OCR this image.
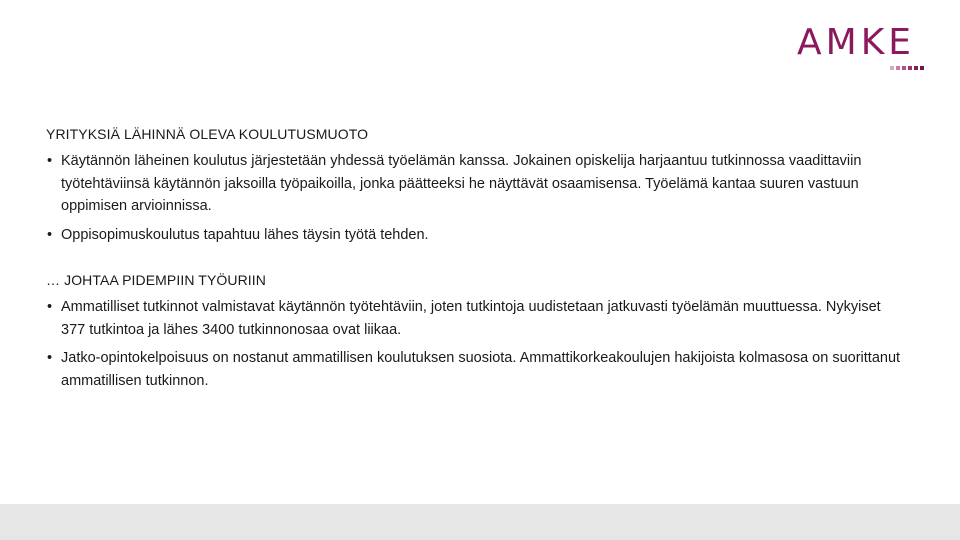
AMKE
YRITYKSIÄ LÄHINNÄ OLEVA KOULUTUSMUOTO
• Käytännön läheinen koulutus järjestetään yhdessä työelämän kanssa. Jokainen opiskelija harjaantuu tutkinnossa vaadittaviin työtehtäviinsä käytännön jaksoilla työpaikoilla, jonka päätteeksi he näyttävät osaamisensa. Työelämä kantaa suuren vastuun oppimisen arvioinnissa.
• Oppisopimuskoulutus tapahtuu lähes täysin työtä tehden.
… JOHTAA PIDEMPIIN TYÖURIIN
• Ammatilliset tutkinnot valmistavat käytännön työtehtäviin, joten tutkintoja uudistetaan jatkuvasti työelämän muuttuessa. Nykyiset 377 tutkintoa ja lähes 3400 tutkinnonosaa ovat liikaa.
• Jatko-opintokelpoisuus on nostanut ammatillisen koulutuksen suosiota. Ammattikorkeakoulujen hakijoista kolmasosa on suorittanut ammatillisen tutkinnon.
